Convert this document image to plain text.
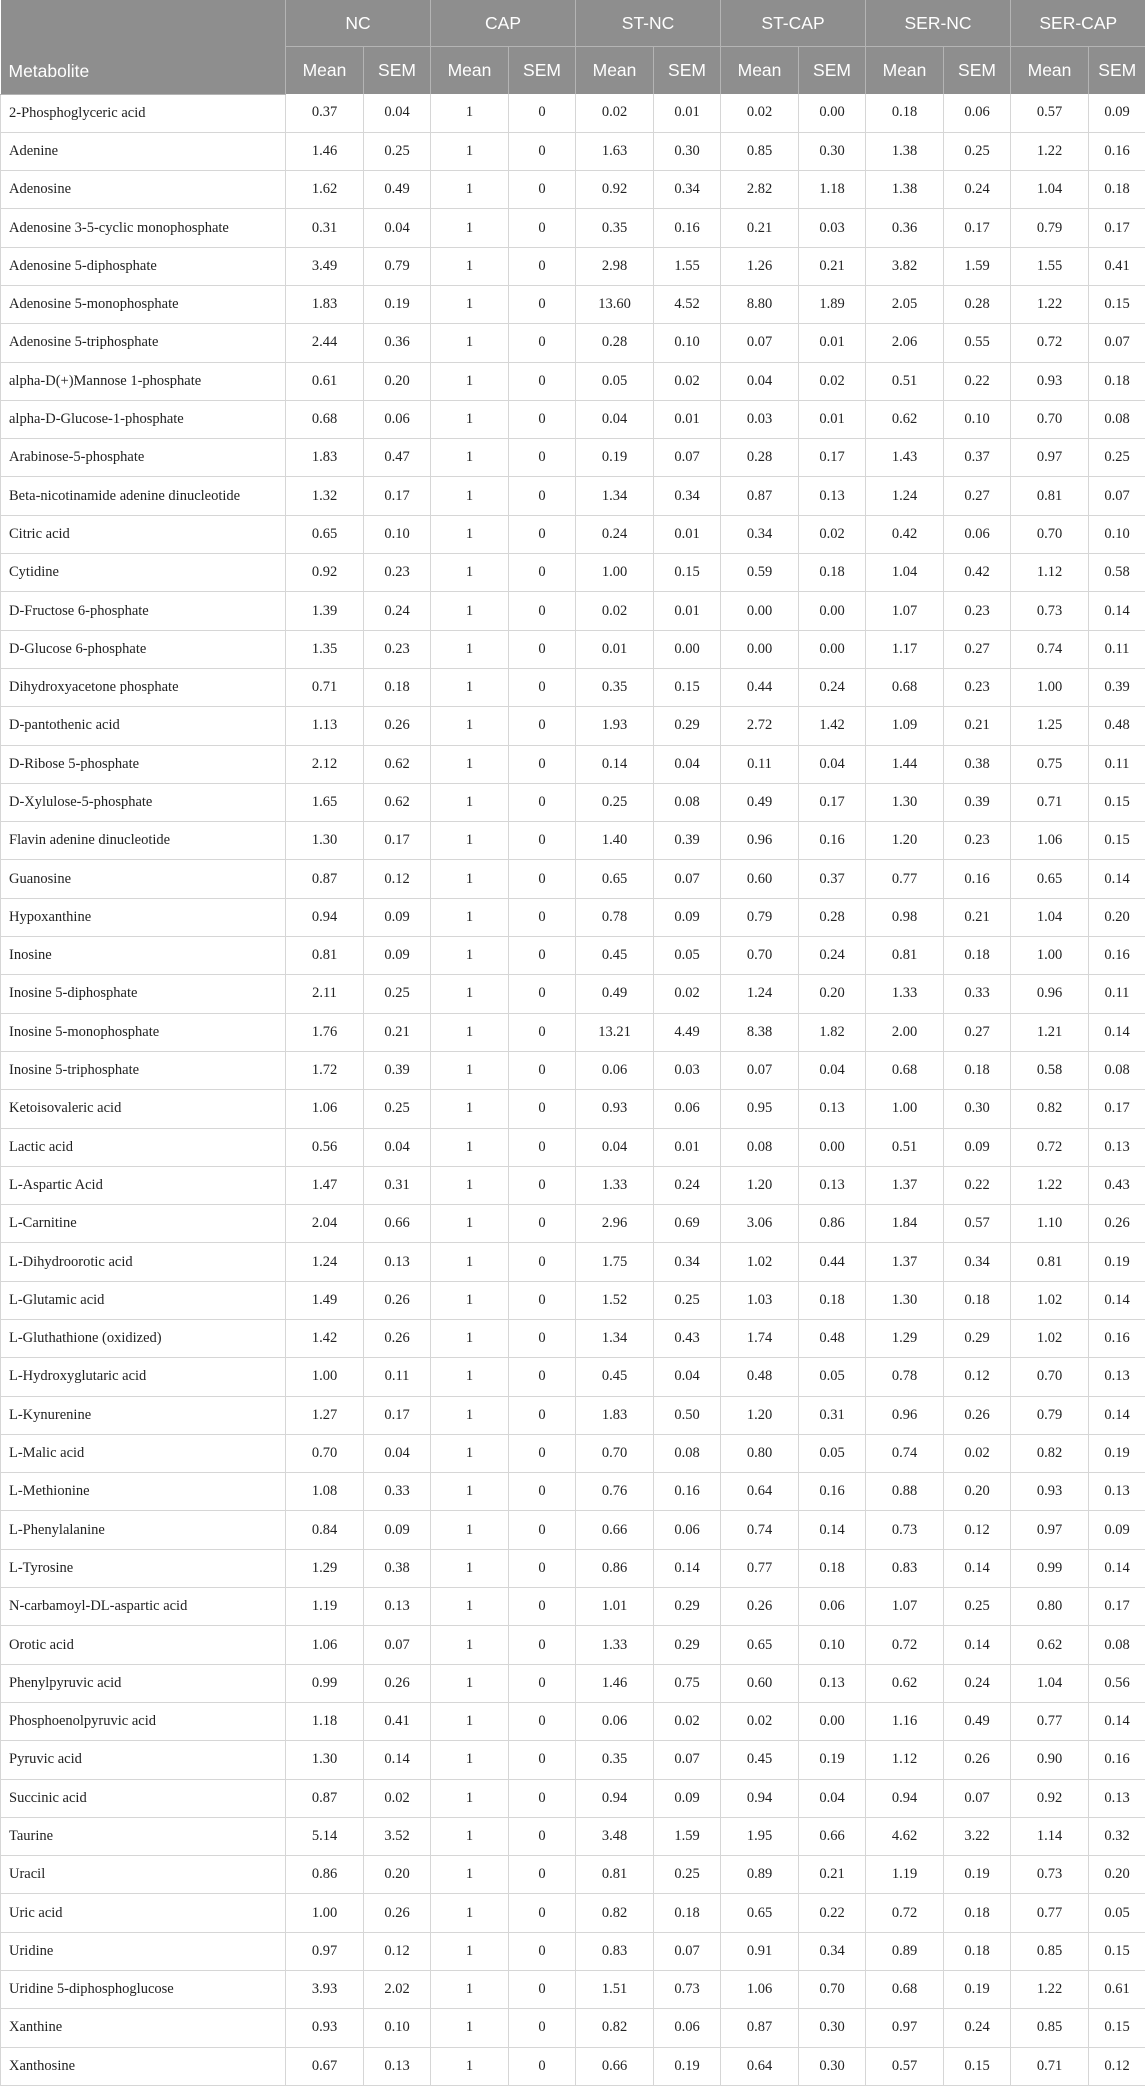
Metabolite	NC		CAP		ST-NC		ST-CAP		SER-NC		SER-CAP	
	Mean	SEM	Mean	SEM	Mean	SEM	Mean	SEM	Mean	SEM	Mean	SEM
2-Phosphoglyceric acid	0.37	0.04	1	0	0.02	0.01	0.02	0.00	0.18	0.06	0.57	0.09
Adenine	1.46	0.25	1	0	1.63	0.30	0.85	0.30	1.38	0.25	1.22	0.16
Adenosine	1.62	0.49	1	0	0.92	0.34	2.82	1.18	1.38	0.24	1.04	0.18
Adenosine 3-5-cyclic monophosphate	0.31	0.04	1	0	0.35	0.16	0.21	0.03	0.36	0.17	0.79	0.17
Adenosine 5-diphosphate	3.49	0.79	1	0	2.98	1.55	1.26	0.21	3.82	1.59	1.55	0.41
Adenosine 5-monophosphate	1.83	0.19	1	0	13.60	4.52	8.80	1.89	2.05	0.28	1.22	0.15
Adenosine 5-triphosphate	2.44	0.36	1	0	0.28	0.10	0.07	0.01	2.06	0.55	0.72	0.07
alpha-D(+)Mannose 1-phosphate	0.61	0.20	1	0	0.05	0.02	0.04	0.02	0.51	0.22	0.93	0.18
alpha-D-Glucose-1-phosphate	0.68	0.06	1	0	0.04	0.01	0.03	0.01	0.62	0.10	0.70	0.08
Arabinose-5-phosphate	1.83	0.47	1	0	0.19	0.07	0.28	0.17	1.43	0.37	0.97	0.25
Beta-nicotinamide adenine dinucleotide	1.32	0.17	1	0	1.34	0.34	0.87	0.13	1.24	0.27	0.81	0.07
Citric acid	0.65	0.10	1	0	0.24	0.01	0.34	0.02	0.42	0.06	0.70	0.10
Cytidine	0.92	0.23	1	0	1.00	0.15	0.59	0.18	1.04	0.42	1.12	0.58
D-Fructose 6-phosphate	1.39	0.24	1	0	0.02	0.01	0.00	0.00	1.07	0.23	0.73	0.14
D-Glucose 6-phosphate	1.35	0.23	1	0	0.01	0.00	0.00	0.00	1.17	0.27	0.74	0.11
Dihydroxyacetone phosphate	0.71	0.18	1	0	0.35	0.15	0.44	0.24	0.68	0.23	1.00	0.39
D-pantothenic acid	1.13	0.26	1	0	1.93	0.29	2.72	1.42	1.09	0.21	1.25	0.48
D-Ribose 5-phosphate	2.12	0.62	1	0	0.14	0.04	0.11	0.04	1.44	0.38	0.75	0.11
D-Xylulose-5-phosphate	1.65	0.62	1	0	0.25	0.08	0.49	0.17	1.30	0.39	0.71	0.15
Flavin adenine dinucleotide	1.30	0.17	1	0	1.40	0.39	0.96	0.16	1.20	0.23	1.06	0.15
Guanosine	0.87	0.12	1	0	0.65	0.07	0.60	0.37	0.77	0.16	0.65	0.14
Hypoxanthine	0.94	0.09	1	0	0.78	0.09	0.79	0.28	0.98	0.21	1.04	0.20
Inosine	0.81	0.09	1	0	0.45	0.05	0.70	0.24	0.81	0.18	1.00	0.16
Inosine 5-diphosphate	2.11	0.25	1	0	0.49	0.02	1.24	0.20	1.33	0.33	0.96	0.11
Inosine 5-monophosphate	1.76	0.21	1	0	13.21	4.49	8.38	1.82	2.00	0.27	1.21	0.14
Inosine 5-triphosphate	1.72	0.39	1	0	0.06	0.03	0.07	0.04	0.68	0.18	0.58	0.08
Ketoisovaleric acid	1.06	0.25	1	0	0.93	0.06	0.95	0.13	1.00	0.30	0.82	0.17
Lactic acid	0.56	0.04	1	0	0.04	0.01	0.08	0.00	0.51	0.09	0.72	0.13
L-Aspartic Acid	1.47	0.31	1	0	1.33	0.24	1.20	0.13	1.37	0.22	1.22	0.43
L-Carnitine	2.04	0.66	1	0	2.96	0.69	3.06	0.86	1.84	0.57	1.10	0.26
L-Dihydroorotic acid	1.24	0.13	1	0	1.75	0.34	1.02	0.44	1.37	0.34	0.81	0.19
L-Glutamic acid	1.49	0.26	1	0	1.52	0.25	1.03	0.18	1.30	0.18	1.02	0.14
L-Gluthathione (oxidized)	1.42	0.26	1	0	1.34	0.43	1.74	0.48	1.29	0.29	1.02	0.16
L-Hydroxyglutaric acid	1.00	0.11	1	0	0.45	0.04	0.48	0.05	0.78	0.12	0.70	0.13
L-Kynurenine	1.27	0.17	1	0	1.83	0.50	1.20	0.31	0.96	0.26	0.79	0.14
L-Malic acid	0.70	0.04	1	0	0.70	0.08	0.80	0.05	0.74	0.02	0.82	0.19
L-Methionine	1.08	0.33	1	0	0.76	0.16	0.64	0.16	0.88	0.20	0.93	0.13
L-Phenylalanine	0.84	0.09	1	0	0.66	0.06	0.74	0.14	0.73	0.12	0.97	0.09
L-Tyrosine	1.29	0.38	1	0	0.86	0.14	0.77	0.18	0.83	0.14	0.99	0.14
N-carbamoyl-DL-aspartic acid	1.19	0.13	1	0	1.01	0.29	0.26	0.06	1.07	0.25	0.80	0.17
Orotic acid	1.06	0.07	1	0	1.33	0.29	0.65	0.10	0.72	0.14	0.62	0.08
Phenylpyruvic acid	0.99	0.26	1	0	1.46	0.75	0.60	0.13	0.62	0.24	1.04	0.56
Phosphoenolpyruvic acid	1.18	0.41	1	0	0.06	0.02	0.02	0.00	1.16	0.49	0.77	0.14
Pyruvic acid	1.30	0.14	1	0	0.35	0.07	0.45	0.19	1.12	0.26	0.90	0.16
Succinic acid	0.87	0.02	1	0	0.94	0.09	0.94	0.04	0.94	0.07	0.92	0.13
Taurine	5.14	3.52	1	0	3.48	1.59	1.95	0.66	4.62	3.22	1.14	0.32
Uracil	0.86	0.20	1	0	0.81	0.25	0.89	0.21	1.19	0.19	0.73	0.20
Uric acid	1.00	0.26	1	0	0.82	0.18	0.65	0.22	0.72	0.18	0.77	0.05
Uridine	0.97	0.12	1	0	0.83	0.07	0.91	0.34	0.89	0.18	0.85	0.15
Uridine 5-diphosphoglucose	3.93	2.02	1	0	1.51	0.73	1.06	0.70	0.68	0.19	1.22	0.61
Xanthine	0.93	0.10	1	0	0.82	0.06	0.87	0.30	0.97	0.24	0.85	0.15
Xanthosine	0.67	0.13	1	0	0.66	0.19	0.64	0.30	0.57	0.15	0.71	0.12
